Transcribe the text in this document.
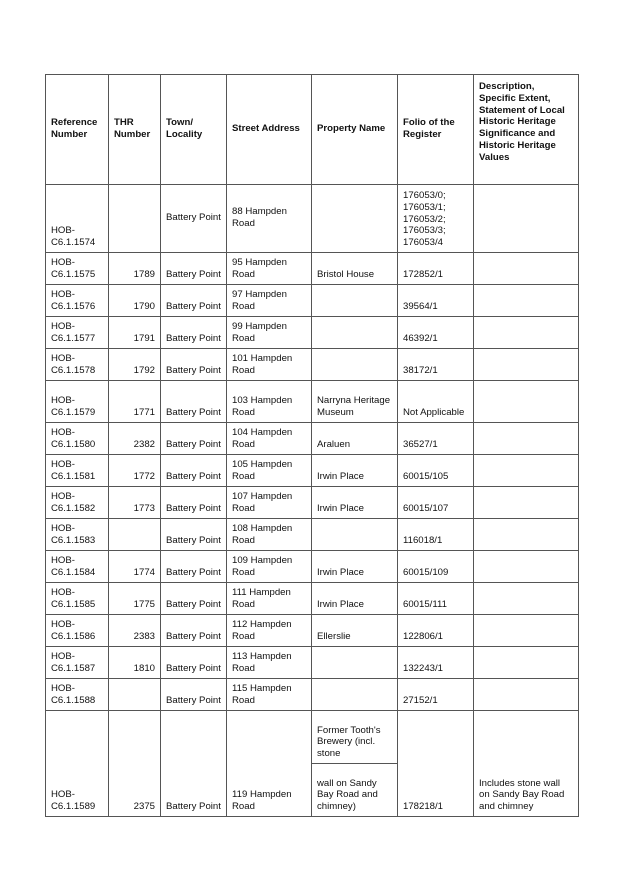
Reference Number	THR Number	Town/ Locality	Street Address	Property Name	Folio of the Register	Description, Specific Extent, Statement of Local Historic Heritage Significance and Historic Heritage Values
HOB-C6.1.1574		Battery Point	88 Hampden Road		176053/0; 176053/1; 176053/2; 176053/3; 176053/4	
HOB-C6.1.1575	1789	Battery Point	95 Hampden Road	Bristol House	172852/1	
HOB-C6.1.1576	1790	Battery Point	97 Hampden Road		39564/1	
HOB-C6.1.1577	1791	Battery Point	99 Hampden Road		46392/1	
HOB-C6.1.1578	1792	Battery Point	101 Hampden Road		38172/1	
HOB-C6.1.1579	1771	Battery Point	103 Hampden Road	Narryna Heritage Museum	Not Applicable	
HOB-C6.1.1580	2382	Battery Point	104 Hampden Road	Araluen	36527/1	
HOB-C6.1.1581	1772	Battery Point	105 Hampden Road	Irwin Place	60015/105	
HOB-C6.1.1582	1773	Battery Point	107 Hampden Road	Irwin Place	60015/107	
HOB-C6.1.1583		Battery Point	108 Hampden Road		116018/1	
HOB-C6.1.1584	1774	Battery Point	109 Hampden Road	Irwin Place	60015/109	
HOB-C6.1.1585	1775	Battery Point	111 Hampden Road	Irwin Place	60015/111	
HOB-C6.1.1586	2383	Battery Point	112 Hampden Road	Ellerslie	122806/1	
HOB-C6.1.1587	1810	Battery Point	113 Hampden Road		132243/1	
HOB-C6.1.1588		Battery Point	115 Hampden Road		27152/1	
HOB-C6.1.1589	2375	Battery Point	119 Hampden Road	Former Tooth's Brewery (incl. stone	178218/1	Includes stone wall on Sandy Bay Road and chimney
				wall on Sandy Bay Road and chimney)		
